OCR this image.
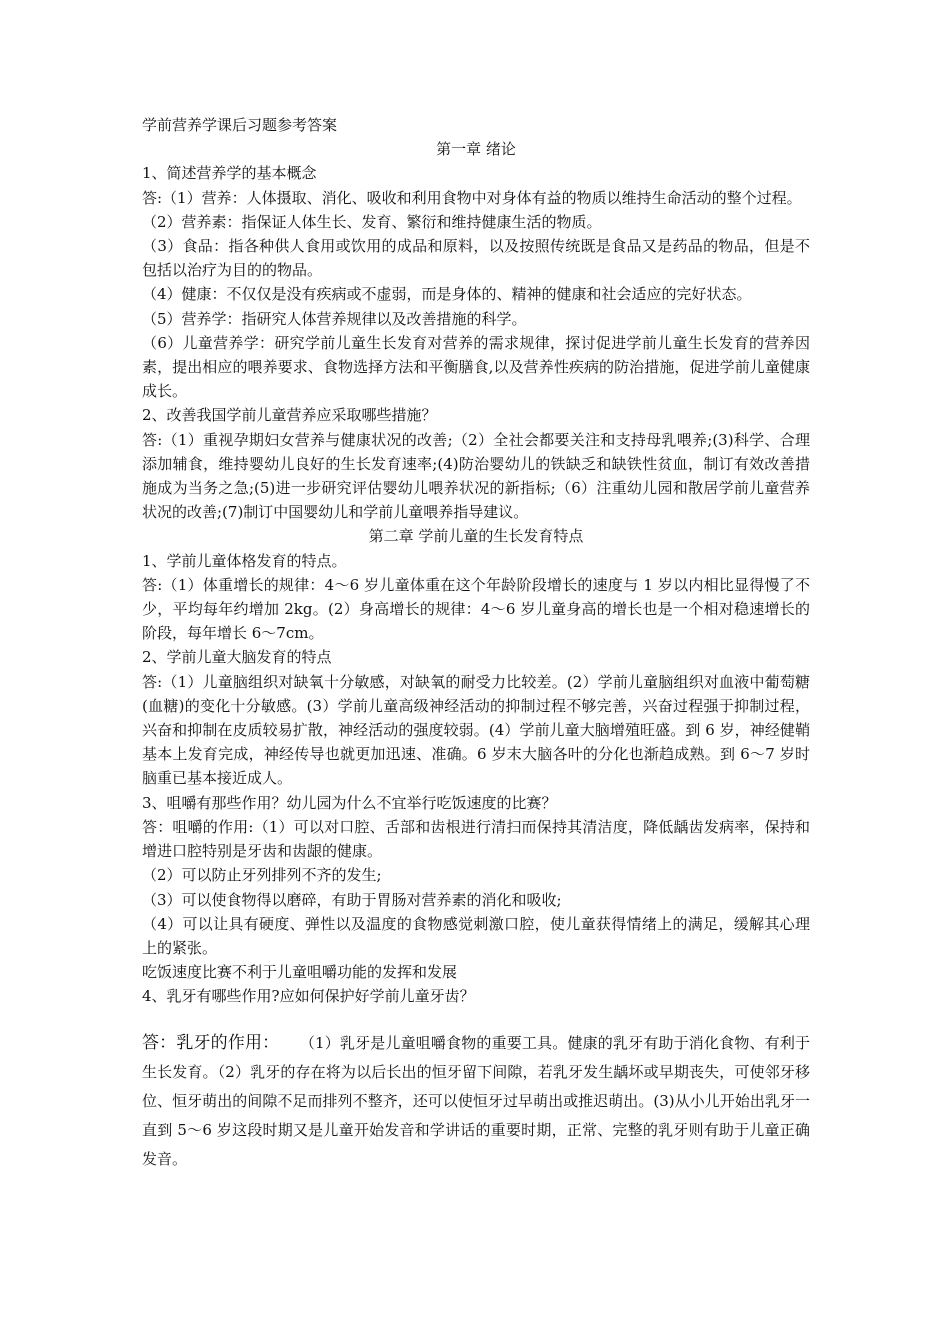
学前营养学课后习题参考答案

第一章 绪论

1、简述营养学的基本概念

答:（1）营养：人体摄取、消化、吸收和利用食物中对身体有益的物质以维持生命活动的整个过程。

（2）营养素：指保证人体生长、发育、繁衍和维持健康生活的物质。

（3）食品：指各种供人食用或饮用的成品和原料，以及按照传统既是食品又是药品的物品，但是不包括以治疗为目的的物品。

（4）健康：不仅仅是没有疾病或不虚弱，而是身体的、精神的健康和社会适应的完好状态。

（5）营养学：指研究人体营养规律以及改善措施的科学。

（6）儿童营养学：研究学前儿童生长发育对营养的需求规律，探讨促进学前儿童生长发育的营养因素，提出相应的喂养要求、食物选择方法和平衡膳食,以及营养性疾病的防治措施，促进学前儿童健康成长。

2、改善我国学前儿童营养应采取哪些措施？

答:（1）重视孕期妇女营养与健康状况的改善;（2）全社会都要关注和支持母乳喂养;(3)科学、合理添加辅食，维持婴幼儿良好的生长发育速率;(4)防治婴幼儿的铁缺乏和缺铁性贫血，制订有效改善措施成为当务之急;(5)进一步研究评估婴幼儿喂养状况的新指标;（6）注重幼儿园和散居学前儿童营养状况的改善;(7)制订中国婴幼儿和学前儿童喂养指导建议。

第二章 学前儿童的生长发育特点

1、学前儿童体格发育的特点。

答:（1）体重增长的规律：4～6 岁儿童体重在这个年龄阶段增长的速度与 1 岁以内相比显得慢了不少，平均每年约增加 2kg。(2）身高增长的规律：4～6 岁儿童身高的增长也是一个相对稳速增长的阶段，每年增长 6～7cm。

2、学前儿童大脑发育的特点

答:（1）儿童脑组织对缺氧十分敏感，对缺氧的耐受力比较差。(2）学前儿童脑组织对血液中葡萄糖(血糖)的变化十分敏感。(3）学前儿童高级神经活动的抑制过程不够完善，兴奋过程强于抑制过程，兴奋和抑制在皮质较易扩散，神经活动的强度较弱。(4）学前儿童大脑增殖旺盛。到 6 岁，神经健鞘基本上发育完成，神经传导也就更加迅速、准确。6 岁末大脑各叶的分化也渐趋成熟。到 6～7 岁时脑重已基本接近成人。

3、咀嚼有那些作用？幼儿园为什么不宜举行吃饭速度的比赛？

答：咀嚼的作用:（1）可以对口腔、舌部和齿根进行清扫而保持其清洁度，降低龋齿发病率，保持和增进口腔特别是牙齿和齿龈的健康。

（2）可以防止牙列排列不齐的发生;

（3）可以使食物得以磨碎，有助于胃肠对营养素的消化和吸收;

（4）可以让具有硬度、弹性以及温度的食物感觉刺激口腔，使儿童获得情绪上的满足，缓解其心理上的紧张。

吃饭速度比赛不利于儿童咀嚼功能的发挥和发展

4、乳牙有哪些作用?应如何保护好学前儿童牙齿？

答：乳牙的作用： （1）乳牙是儿童咀嚼食物的重要工具。健康的乳牙有助于消化食物、有利于生长发育。（2）乳牙的存在将为以后长出的恒牙留下间隙，若乳牙发生龋坏或早期丧失，可使邻牙移位、恒牙萌出的间隙不足而排列不整齐，还可以使恒牙过早萌出或推迟萌出。(3)从小儿开始出乳牙一直到 5～6 岁这段时期又是儿童开始发音和学讲话的重要时期，正常、完整的乳牙则有助于儿童正确发音。
